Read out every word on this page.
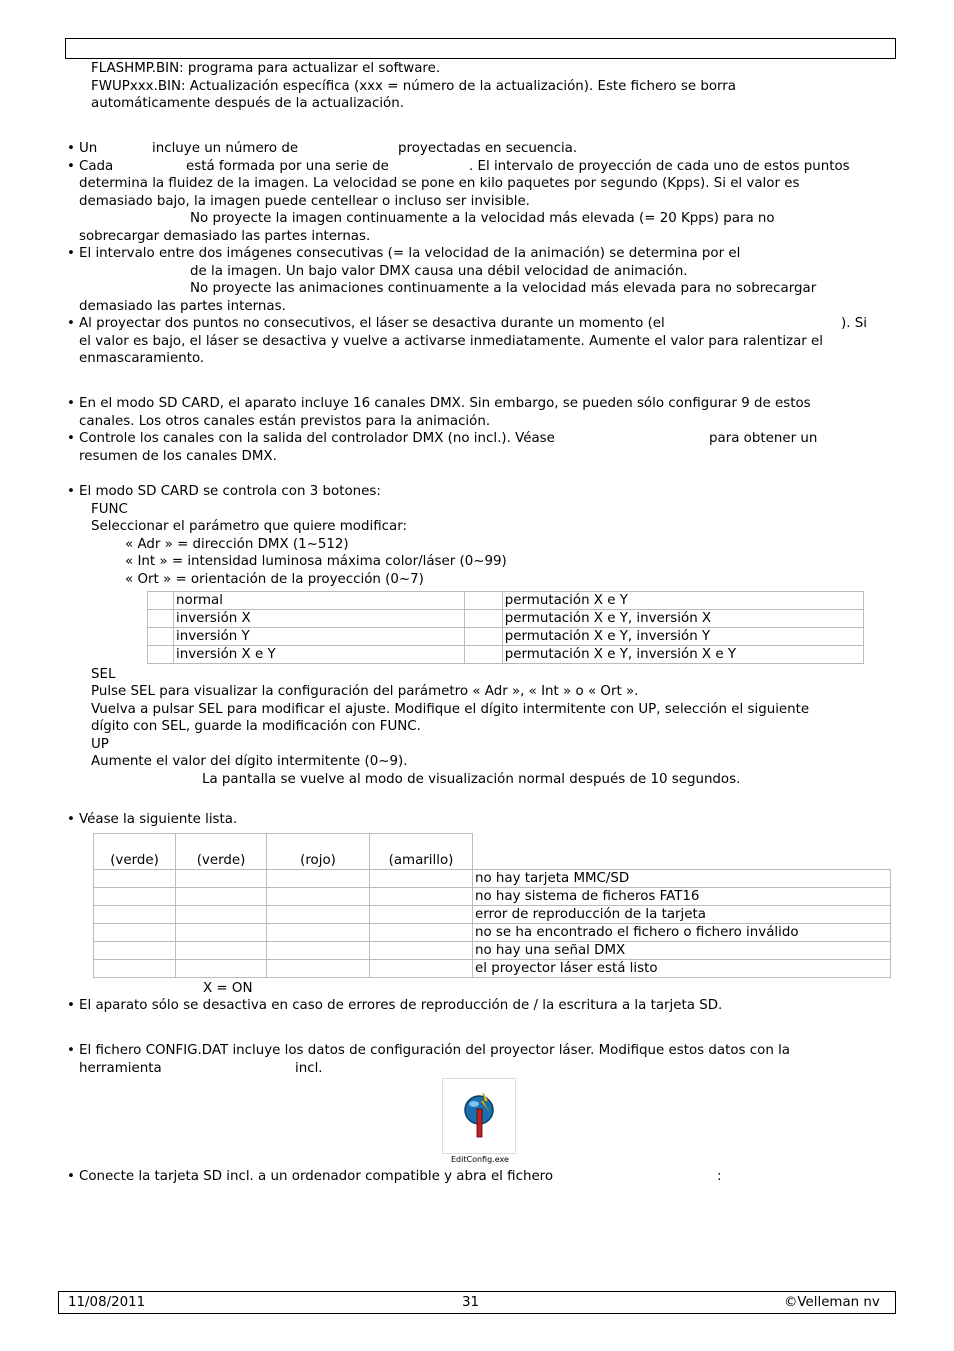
FLASHMP.BIN: programa para actualizar el software.
FWUPxxx.BIN: Actualización específica (xxx = número de la actualización). Este fichero se borra
automáticamente después de la actualización.
• Un	incluye un número de	proyectadas en secuencia.
• Cada	está formada por una serie de	. El intervalo de proyección de cada uno de estos puntos
determina la fluidez de la imagen. La velocidad se pone en kilo paquetes por segundo (Kpps). Si el valor es
demasiado bajo, la imagen puede centellear o incluso ser invisible.
No proyecte la imagen continuamente a la velocidad más elevada (= 20 Kpps) para no
sobrecargar demasiado las partes internas.
• El intervalo entre dos imágenes consecutivas (= la velocidad de la animación) se determina por el
de la imagen. Un bajo valor DMX causa una débil velocidad de animación.
No proyecte las animaciones continuamente a la velocidad más elevada para no sobrecargar
demasiado las partes internas.
• Al proyectar dos puntos no consecutivos, el láser se desactiva durante un momento (el	). Si
el valor es bajo, el láser se desactiva y vuelve a activarse inmediatamente. Aumente el valor para ralentizar el
enmascaramiento.
• En el modo SD CARD, el aparato incluye 16 canales DMX. Sin embargo, se pueden sólo configurar 9 de estos
canales. Los otros canales están previstos para la animación.
• Controle los canales con la salida del controlador DMX (no incl.). Véase	para obtener un
resumen de los canales DMX.
• El modo SD CARD se controla con 3 botones:
FUNC
Seleccionar el parámetro que quiere modificar:
« Adr » = dirección DMX (1~512)
« Int » = intensidad luminosa máxima color/láser (0~99)
« Ort » = orientación de la proyección (0~7)
	normal		permutación X e Y
	inversión X		permutación X e Y, inversión X
	inversión Y		permutación X e Y, inversión Y
	inversión X e Y		permutación X e Y, inversión X e Y
SEL
Pulse SEL para visualizar la configuración del parámetro « Adr », « Int » o « Ort ».
Vuelva a pulsar SEL para modificar el ajuste. Modifique el dígito intermitente con UP, selección el siguiente
dígito con SEL, guarde la modificación con FUNC.
UP
Aumente el valor del dígito intermitente (0~9).
La pantalla se vuelve al modo de visualización normal después de 10 segundos.
• Véase la siguiente lista.
(verde)	(verde)	(rojo)	(amarillo)	
				no hay tarjeta MMC/SD
				no hay sistema de ficheros FAT16
				error de reproducción de la tarjeta
				no se ha encontrado el fichero o fichero inválido
				no hay una señal DMX
				el proyector láser está listo
X = ON
• El aparato sólo se desactiva en caso de errores de reproducción de / la escritura a la tarjeta SD.
• El fichero CONFIG.DAT incluye los datos de configuración del proyector láser. Modifique estos datos con la
herramienta	incl.
EditConfig.exe
• Conecte la tarjeta SD incl. a un ordenador compatible y abra el fichero	:
11/08/2011	31	©Velleman nv
